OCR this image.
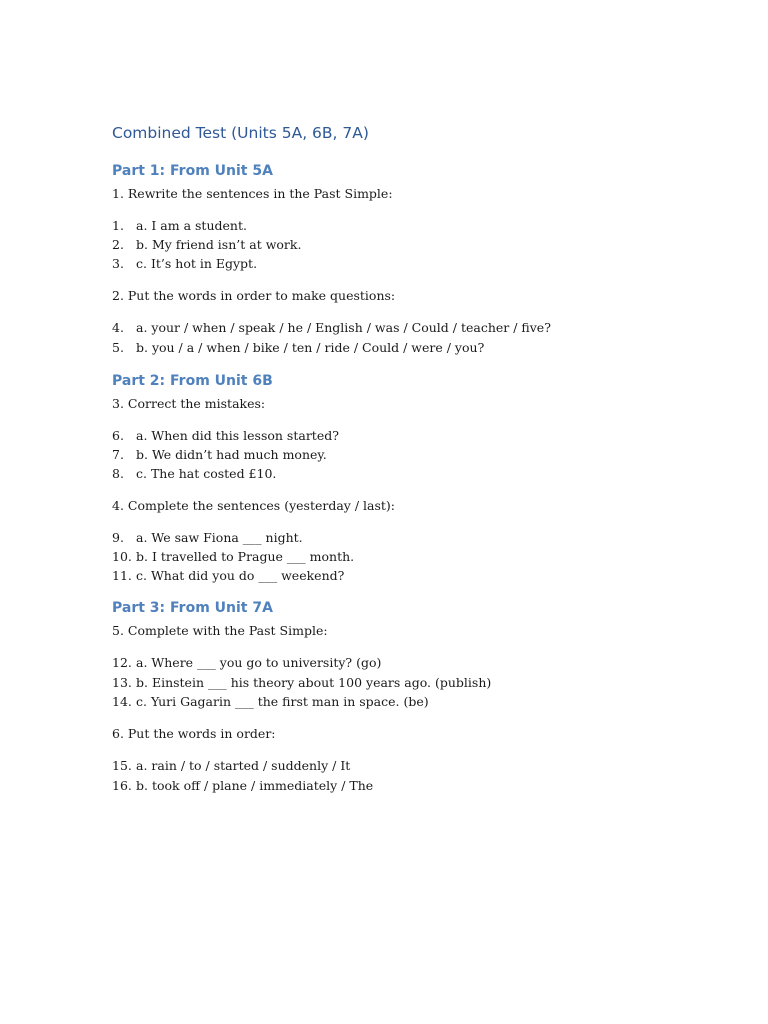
Combined Test (Units 5A, 6B, 7A)
Part 1: From Unit 5A

1. Rewrite the sentences in the Past Simple:

1. a. I am a student.
2. b. My friend isn’t at work.
3. c. It’s hot in Egypt.

2. Put the words in order to make questions:

4. a. your / when / speak / he / English / was / Could / teacher / five?
5. b. you / a / when / bike / ten / ride / Could / were / you?
Part 2: From Unit 6B

3. Correct the mistakes:

6. a. When did this lesson started?
7. b. We didn’t had much money.
8. c. The hat costed £10.

4. Complete the sentences (yesterday / last):

9. a. We saw Fiona ___ night.
10. b. I travelled to Prague ___ month.
11. c. What did you do ___ weekend?
Part 3: From Unit 7A

5. Complete with the Past Simple:

12. a. Where ___ you go to university? (go)
13. b. Einstein ___ his theory about 100 years ago. (publish)
14. c. Yuri Gagarin ___ the first man in space. (be)

6. Put the words in order:

15. a. rain / to / started / suddenly / It
16. b. took off / plane / immediately / The
